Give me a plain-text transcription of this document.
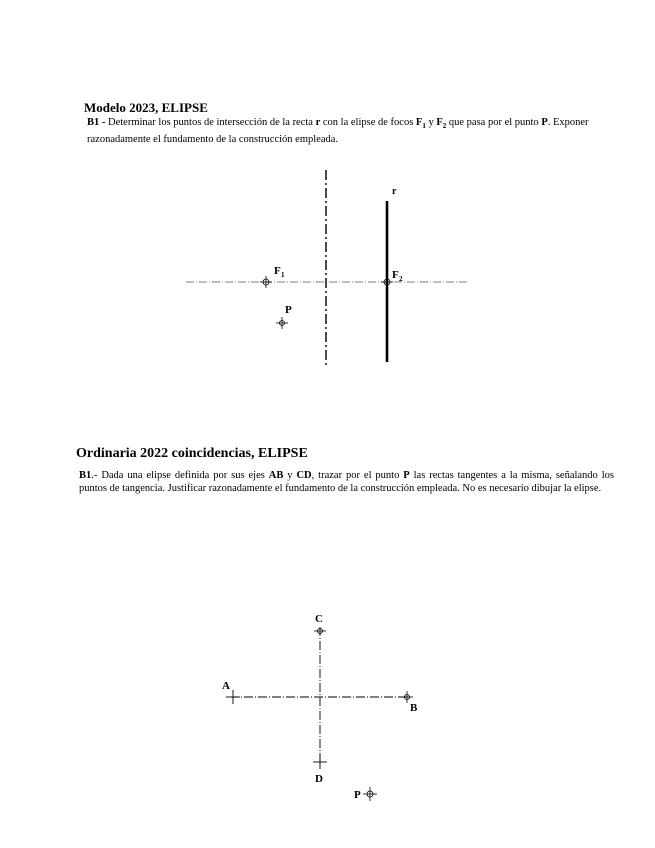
Modelo 2023, ELIPSE

B1 - Determinar los puntos de intersección de la recta r con la elipse de focos $F_1$ y $F_2$ que pasa por el punto P. Exponer razonadamente el fundamento de la construcción empleada.

Ordinaria 2022 coincidencias, ELIPSE

B1.- Dada una elipse definida por sus ejes AB y CD, trazar por el punto P las rectas tangentes a la misma, señalando los puntos de tangencia. Justificar razonadamente el fundamento de la construcción empleada. No es necesario dibujar la elipse.

r
F 1	F 2
P
A
B
C
D
P
